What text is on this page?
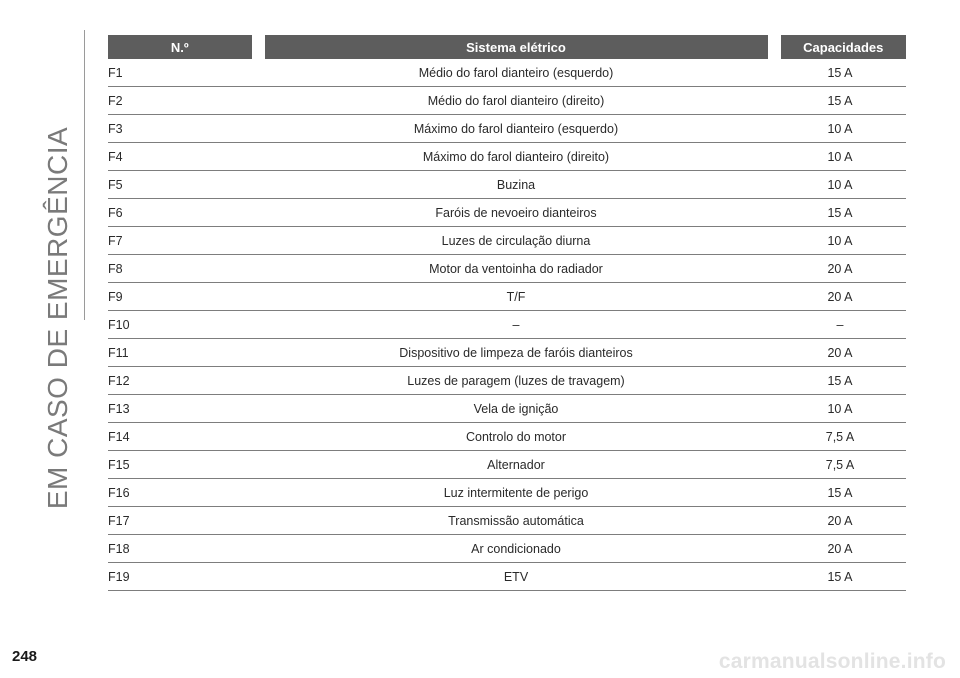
EM CASO DE EMERGÊNCIA
N.º	Sistema elétrico	Capacidades
F1	Médio do farol dianteiro (esquerdo)	15 A
F2	Médio do farol dianteiro (direito)	15 A
F3	Máximo do farol dianteiro (esquerdo)	10 A
F4	Máximo do farol dianteiro (direito)	10 A
F5	Buzina	10 A
F6	Faróis de nevoeiro dianteiros	15 A
F7	Luzes de circulação diurna	10 A
F8	Motor da ventoinha do radiador	20 A
F9	T/F	20 A
F10	–	–
F11	Dispositivo de limpeza de faróis dianteiros	20 A
F12	Luzes de paragem (luzes de travagem)	15 A
F13	Vela de ignição	10 A
F14	Controlo do motor	7,5 A
F15	Alternador	7,5 A
F16	Luz intermitente de perigo	15 A
F17	Transmissão automática	20 A
F18	Ar condicionado	20 A
F19	ETV	15 A
248	carmanualsonline.info
